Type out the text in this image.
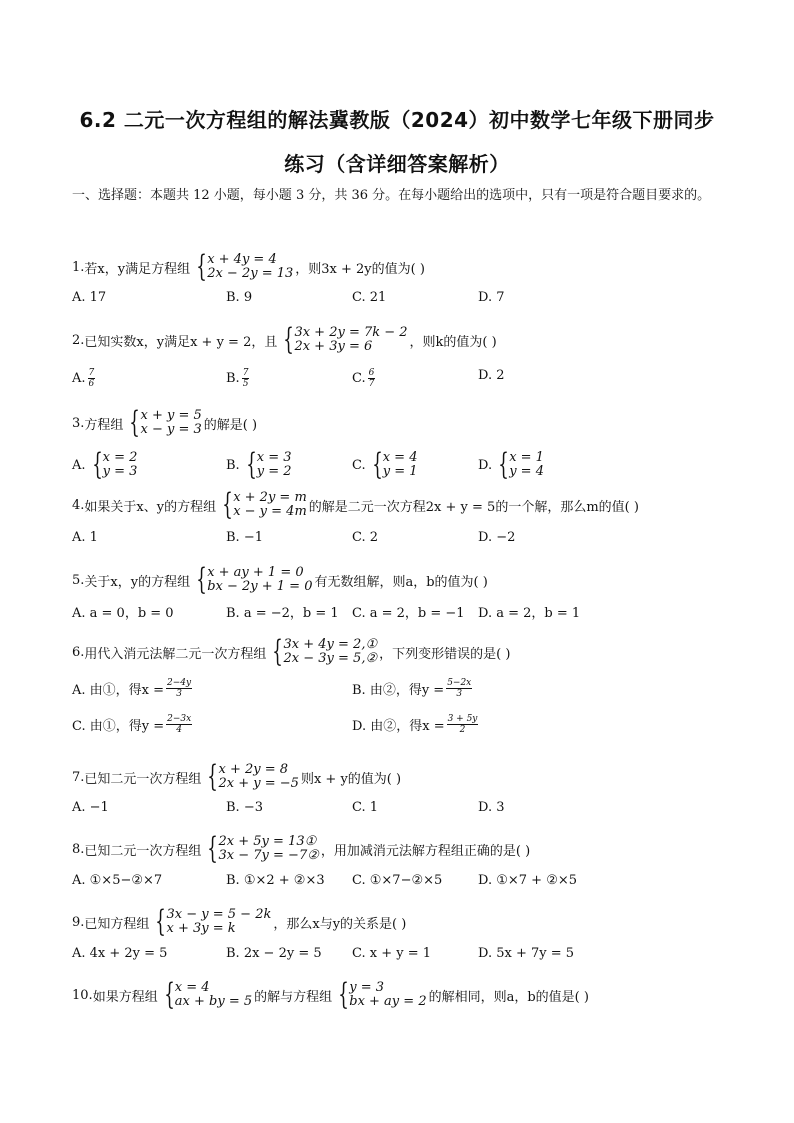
6.2 二元一次方程组的解法冀教版（2024）初中数学七年级下册同步
练习（含详细答案解析）
一、选择题：本题共 12 小题，每小题 3 分，共 36 分。在每小题给出的选项中，只有一项是符合题目要求的。
1. 若x，y满足方程组 { x + 4y = 4
2x − 2y = 13 ，则3x + 2y的值为( )
A. 17	B. 9	C. 21	D. 7
2. 已知实数x，y满足x + y = 2，且 { 3x + 2y = 7k − 2
2x + 3y = 6	，则k的值为( )
A. $\frac{7}{6}$	B. $\frac{7}{5}$	C. $\frac{6}{7}$	D. 2
3. 方程组 { x + y = 5
x − y = 3 的解是( )
A. { x = 2
y = 3	B. { x = 3
y = 2	C. { x = 4
y = 1	D. { x = 1
y = 4
4. 如果关于x、y的方程组 { x + 2y = m
x − y = 4m 的解是二元一次方程2x + y = 5的一个解，那么m的值( )
A. 1	B. −1	C. 2	D. −2
5. 关于x，y的方程组 { x + ay + 1 = 0
bx − 2y + 1 = 0 有无数组解，则a，b的值为( )
A. a = 0，b = 0	B. a = −2，b = 1 C. a = 2，b = −1 D. a = 2，b = 1
6. 用代入消元法解二元一次方程组 { 3x + 4y = 2,①
2x − 3y = 5,② ，下列变形错误的是( )
A. 由①，得$x = \frac{2-4y}{3}$	B. 由②，得$y = \frac{5-2x}{3}$
C. 由①，得$y = \frac{2-3x}{4}$	D. 由②，得$x = \frac{3 + 5y}{2}$
7. 已知二元一次方程组 { x + 2y = 8
2x + y = −5 则x + y的值为( )
A. −1	B. −3	C. 1	D. 3
8. 已知二元一次方程组 { 2x + 5y = 13①
3x − 7y = −7② ，用加减消元法解方程组正确的是( )
A. ①×5−②×7	B. ①×2 + ②×3 C. ①×7−②×5	D. ①×7 + ②×5
9. 已知方程组 { 3x − y = 5 − 2k
x + 3y = k	，那么x与y的关系是( )
A. 4x + 2y = 5	B. 2x − 2y = 5 C. x + y = 1	D. 5x + 7y = 5
10. 如果方程组 { x = 4
ax + by = 5 的解与方程组 { y = 3
bx + ay = 2 的解相同，则a，b的值是( )
